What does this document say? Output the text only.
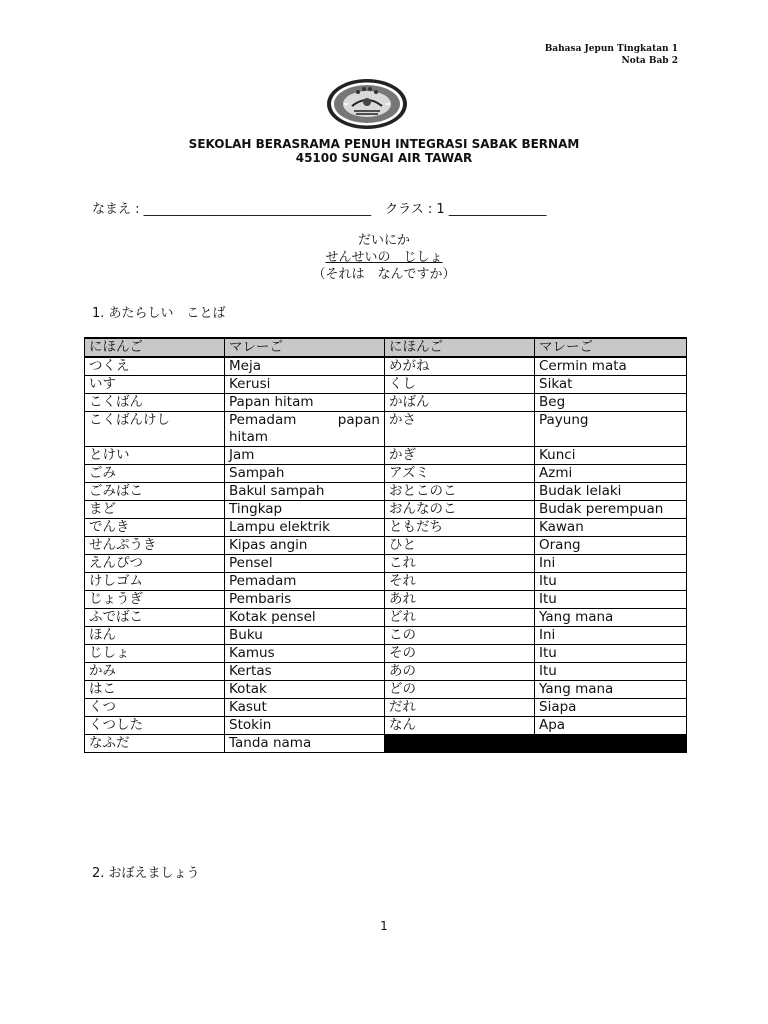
Bahasa Jepun Tingkatan 1
Nota Bab 2
SEKOLAH BERASRAMA PENUH INTEGRASI SABAK BERNAM
45100 SUNGAI AIR TAWAR
なまえ : ___________________________________ クラス : 1 _______________
だいにか
せんせいの　じしょ
（それは　なんですか）
1. あたらしい　ことば
にほんご	マレーご	にほんご	マレーご
つくえ	Meja	めがね	Cermin mata
いす	Kerusi	くし	Sikat
こくばん	Papan hitam	かばん	Beg
こくばんけし	Pemadam papan hitam	かさ	Payung
とけい	Jam	かぎ	Kunci
ごみ	Sampah	アズミ	Azmi
ごみばこ	Bakul sampah	おとこのこ	Budak lelaki
まど	Tingkap	おんなのこ	Budak perempuan
でんき	Lampu elektrik	ともだち	Kawan
せんぷうき	Kipas angin	ひと	Orang
えんぴつ	Pensel	これ	Ini
けしゴム	Pemadam	それ	Itu
じょうぎ	Pembaris	あれ	Itu
ふでばこ	Kotak pensel	どれ	Yang mana
ほん	Buku	この	Ini
じしょ	Kamus	その	Itu
かみ	Kertas	あの	Itu
はこ	Kotak	どの	Yang mana
くつ	Kasut	だれ	Siapa
くつした	Stokin	なん	Apa
なふだ	Tanda nama		
2. おぼえましょう
1
